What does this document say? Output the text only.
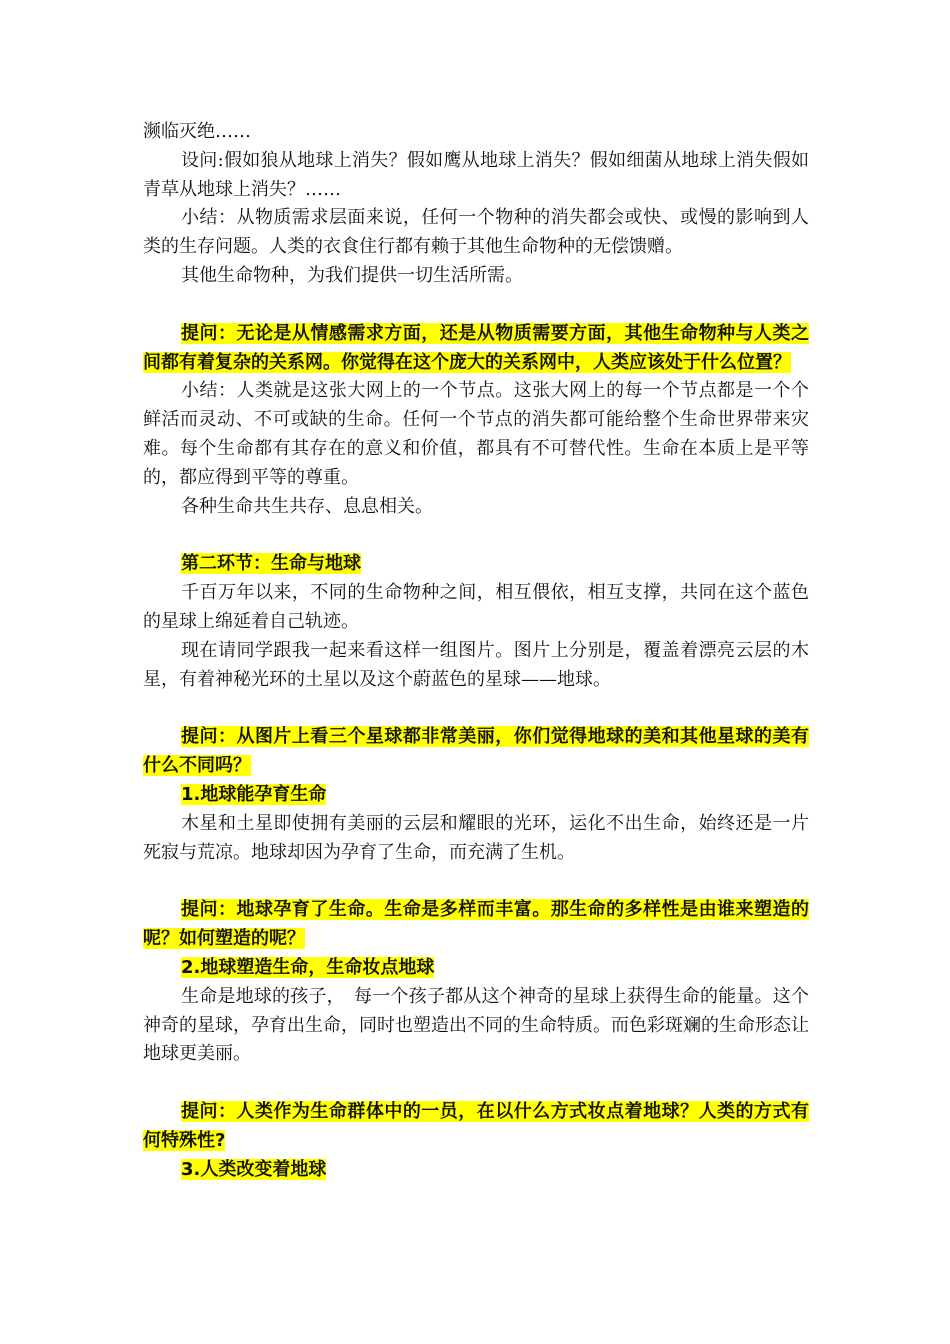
濒临灭绝……

设问:假如狼从地球上消失？假如鹰从地球上消失？假如细菌从地球上消失假如青草从地球上消失？……

小结：从物质需求层面来说，任何一个物种的消失都会或快、或慢的影响到人类的生存问题。人类的衣食住行都有赖于其他生命物种的无偿馈赠。

其他生命物种，为我们提供一切生活所需。

提问：无论是从情感需求方面，还是从物质需要方面，其他生命物种与人类之间都有着复杂的关系网。你觉得在这个庞大的关系网中，人类应该处于什么位置？

小结：人类就是这张大网上的一个节点。这张大网上的每一个节点都是一个个鲜活而灵动、不可或缺的生命。任何一个节点的消失都可能给整个生命世界带来灾难。每个生命都有其存在的意义和价值，都具有不可替代性。生命在本质上是平等的，都应得到平等的尊重。

各种生命共生共存、息息相关。

第二环节：生命与地球

千百万年以来，不同的生命物种之间，相互偎依，相互支撑，共同在这个蓝色的星球上绵延着自己轨迹。

现在请同学跟我一起来看这样一组图片。图片上分别是，覆盖着漂亮云层的木星，有着神秘光环的土星以及这个蔚蓝色的星球——地球。

提问：从图片上看三个星球都非常美丽，你们觉得地球的美和其他星球的美有什么不同吗？

1.地球能孕育生命

木星和土星即使拥有美丽的云层和耀眼的光环，运化不出生命，始终还是一片死寂与荒凉。地球却因为孕育了生命，而充满了生机。

提问：地球孕育了生命。生命是多样而丰富。那生命的多样性是由谁来塑造的呢？如何塑造的呢？

2.地球塑造生命，生命妆点地球

生命是地球的孩子，　每一个孩子都从这个神奇的星球上获得生命的能量。这个神奇的星球，孕育出生命，同时也塑造出不同的生命特质。而色彩斑斓的生命形态让地球更美丽。

提问：人类作为生命群体中的一员，在以什么方式妆点着地球？人类的方式有何特殊性?

3.人类改变着地球
